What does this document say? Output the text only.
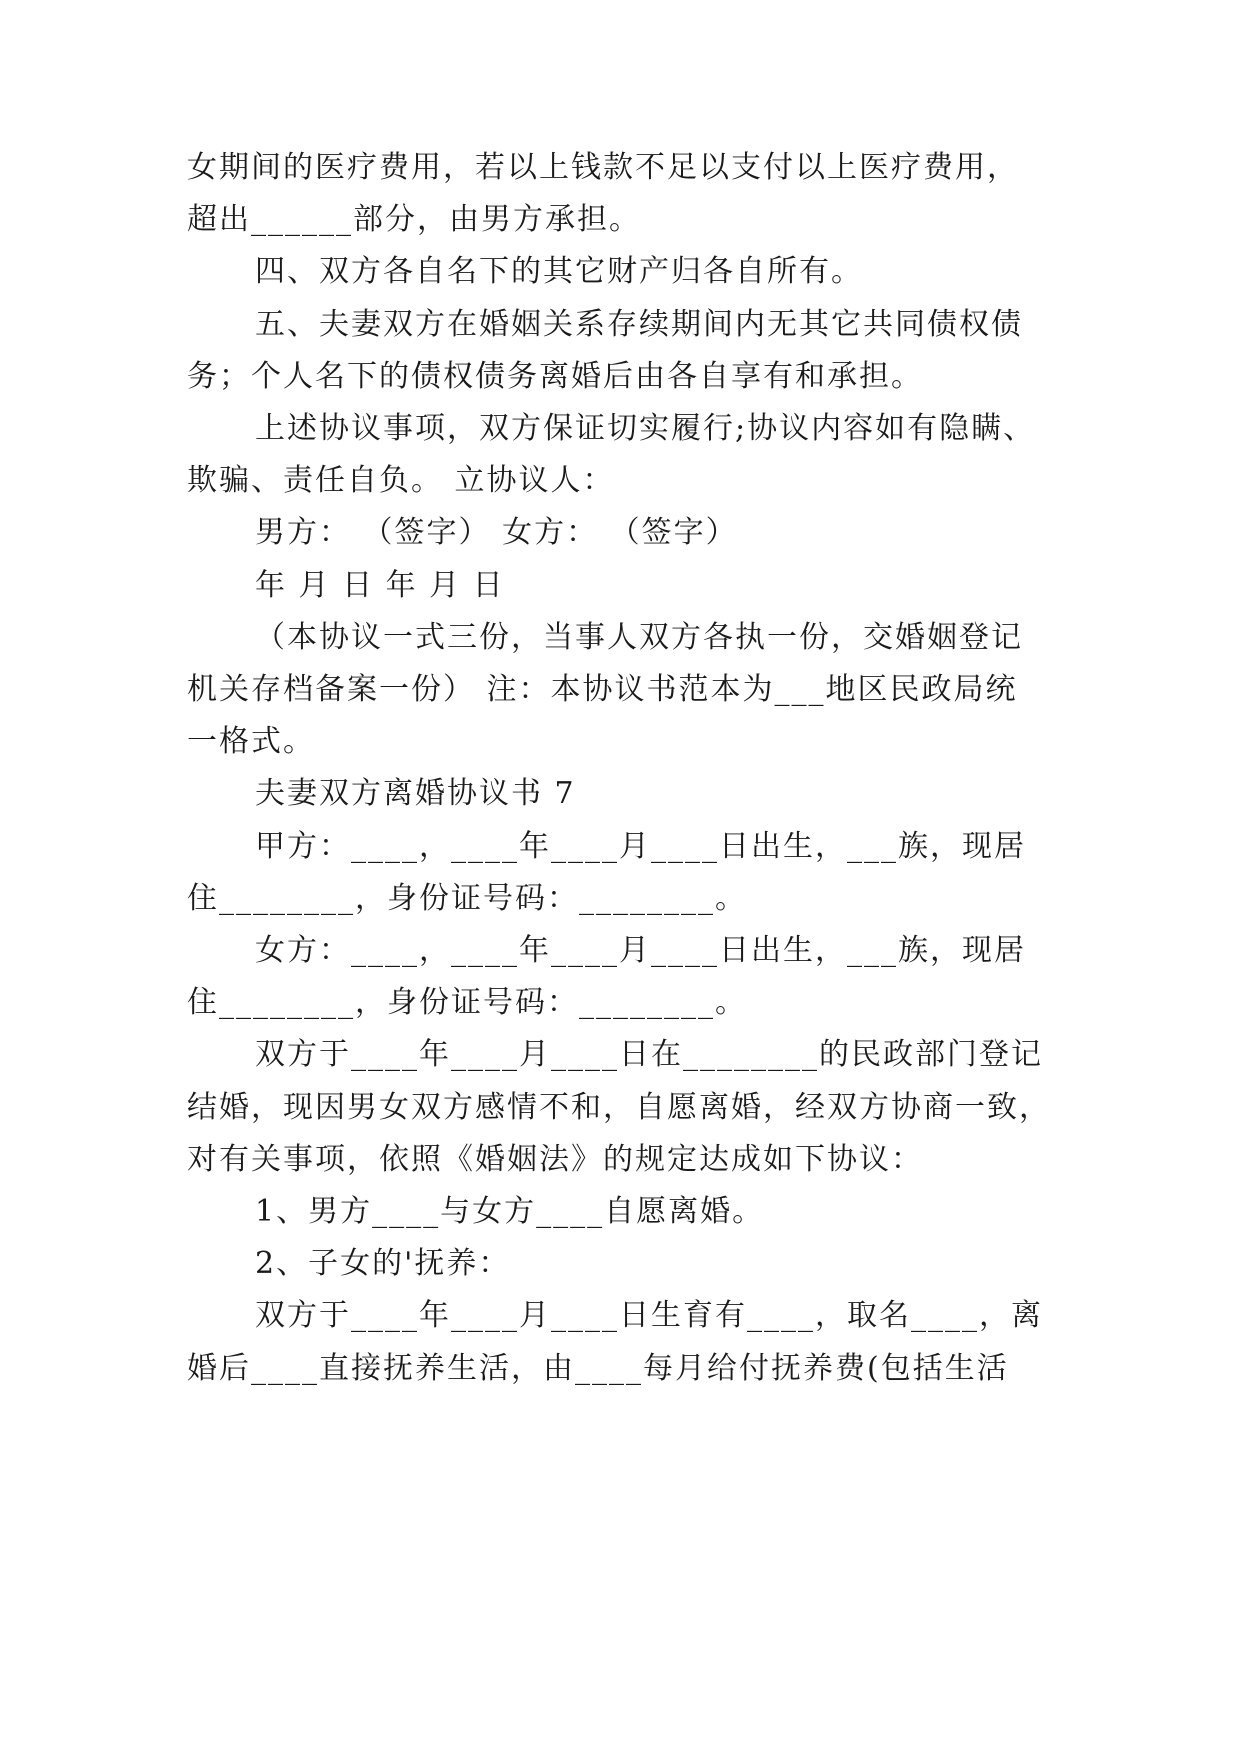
女期间的医疗费用，若以上钱款不足以支付以上医疗费用，
超出______部分，由男方承担。
四、双方各自名下的其它财产归各自所有。
五、夫妻双方在婚姻关系存续期间内无其它共同债权债
务；个人名下的债权债务离婚后由各自享有和承担。
上述协议事项，双方保证切实履行;协议内容如有隐瞒、
欺骗、责任自负。 立协议人：
男方： （签字） 女方： （签字）
年 月 日 年 月 日
（本协议一式三份，当事人双方各执一份，交婚姻登记
机关存档备案一份） 注：本协议书范本为___地区民政局统
一格式。
夫妻双方离婚协议书 7
甲方：____，____年____月____日出生，___族，现居
住________，身份证号码：________。
女方：____，____年____月____日出生，___族，现居
住________，身份证号码：________。
双方于____年____月____日在________的民政部门登记
结婚，现因男女双方感情不和，自愿离婚，经双方协商一致，
对有关事项，依照《婚姻法》的规定达成如下协议：
1、男方____与女方____自愿离婚。
2、子女的'抚养：
双方于____年____月____日生育有____，取名____，离
婚后____直接抚养生活，由____每月给付抚养费(包括生活
